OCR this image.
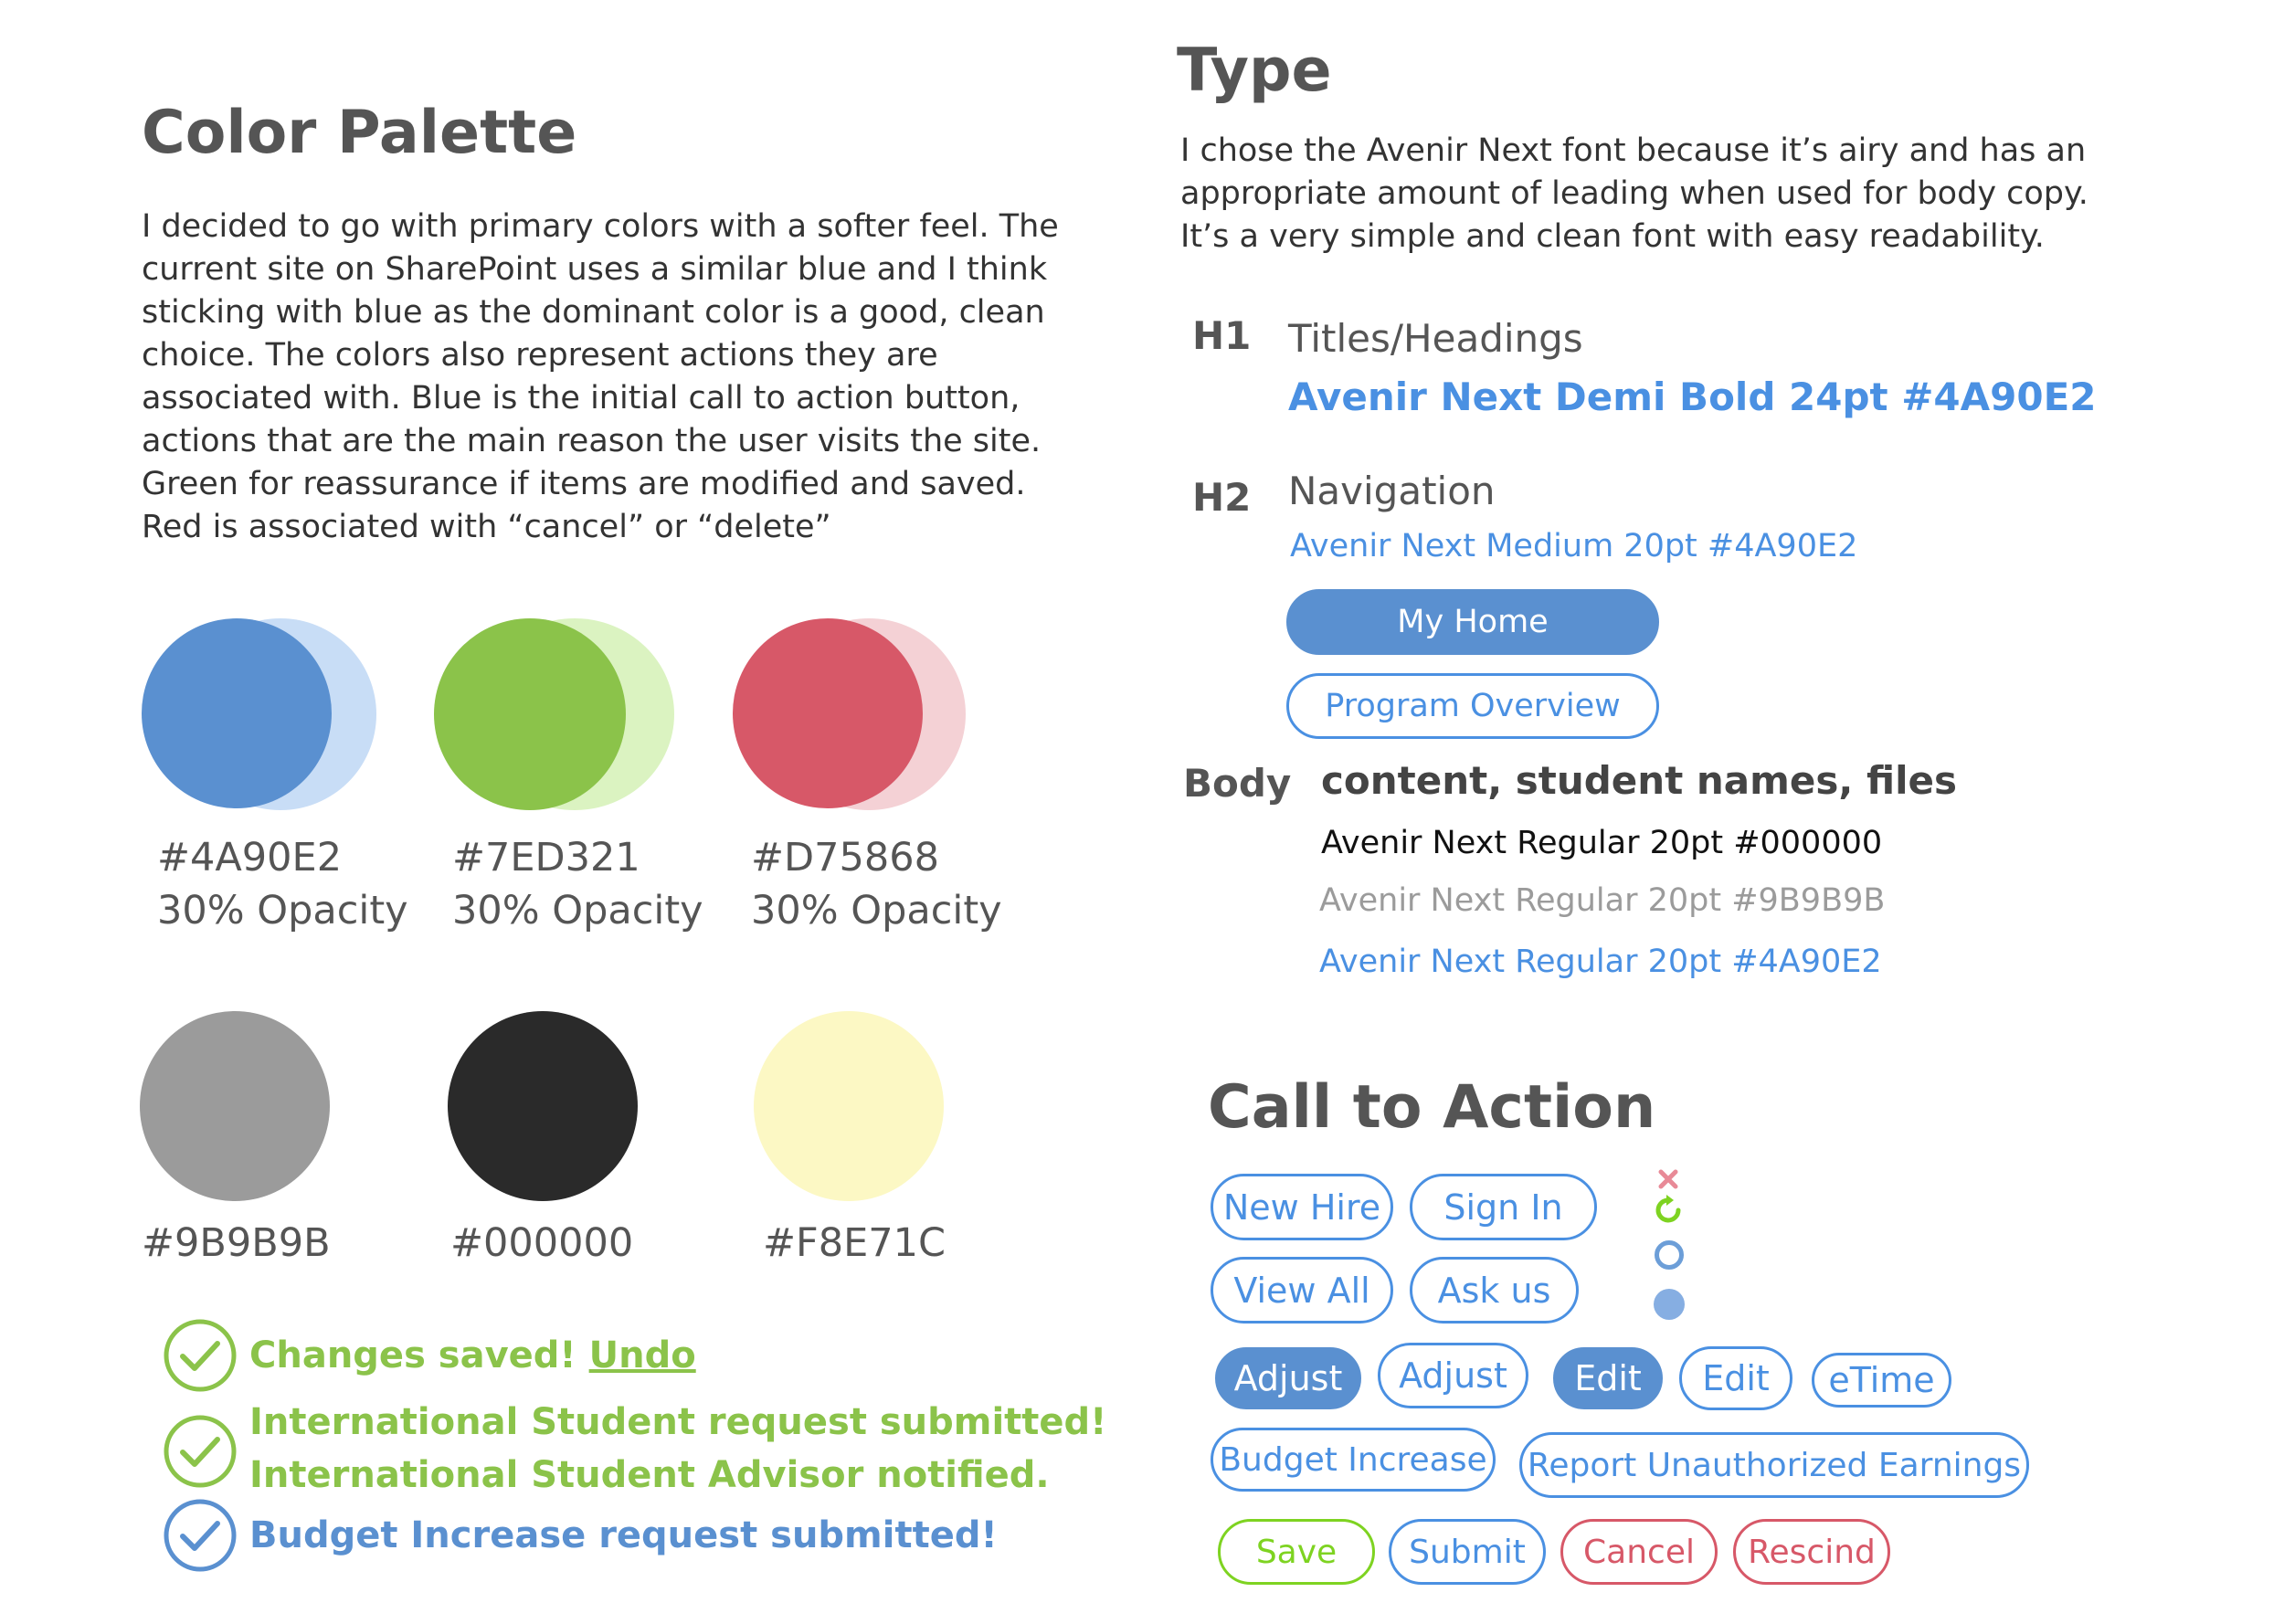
Color Palette

I decided to go with primary colors with a softer feel. The

current site on SharePoint uses a similar blue and I think

sticking with blue as the dominant color is a good, clean

choice. The colors also represent actions they are

associated with. Blue is the initial call to action button,

actions that are the main reason the user visits the site.

Green for reassurance if items are modified and saved.

Red is associated with “cancel” or “delete”

#4A90E2
30% Opacity
#7ED321
30% Opacity
#D75868
30% Opacity
#9B9B9B	#000000	#F8E71C
Changes saved! Undo
International Student request submitted!
International Student Advisor notified.
Budget Increase request submitted!
Type

I chose the Avenir Next font because it’s airy and has an

appropriate amount of leading when used for body copy.

It’s a very simple and clean font with easy readability.

H1 Titles/Headings
Avenir Next Demi Bold 24pt #4A90E2
H2 Navigation
Avenir Next Medium 20pt #4A90E2
My Home
Program Overview
Body content, student names, files
Avenir Next Regular 20pt #000000
Avenir Next Regular 20pt #9B9B9B
Avenir Next Regular 20pt #4A90E2
Call to Action
New Hire	Sign In
View All	Ask us
Adjust	Adjust	Edit	Edit	eTime
Budget Increase Report Unauthorized Earnings
Save	Submit	Cancel	Rescind
